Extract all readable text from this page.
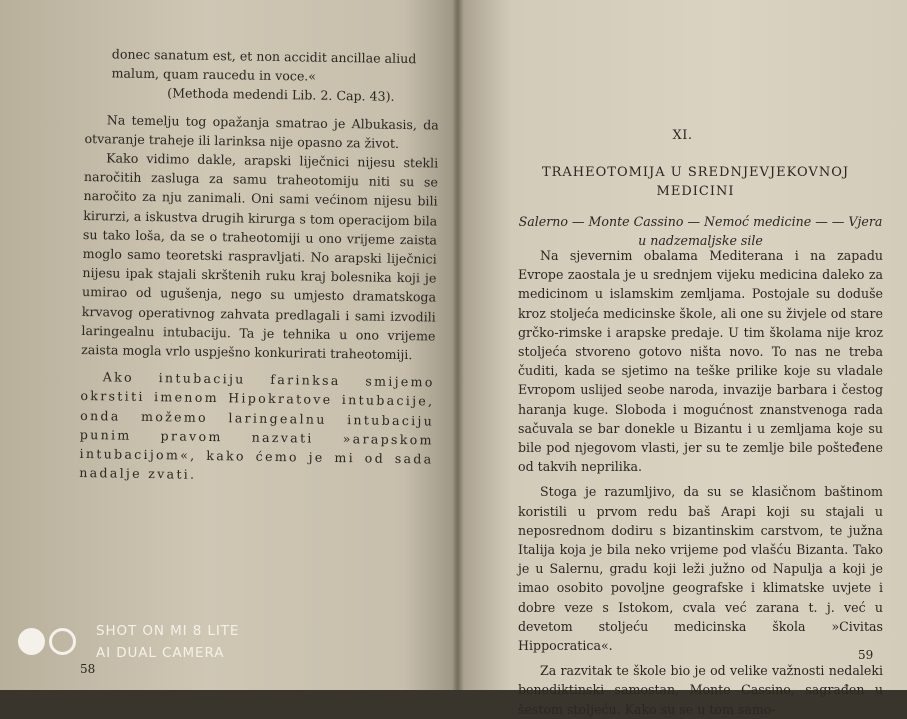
donec sanatum est, et non accidit ancillae aliud

malum, quam raucedu in voce.«

(Methoda medendi Lib. 2. Cap. 43).

Na temelju tog opažanja smatrao je Albukasis, da otvaranje traheje ili larinksa nije opasno za život.

Kako vidimo dakle, arapski liječnici nijesu stekli naročitih zasluga za samu traheotomiju niti su se naročito za nju zanimali. Oni sami većinom nijesu bili kirurzi, a iskustva drugih kirurga s tom operacijom bila su tako loša, da se o traheotomiji u ono vrijeme zaista moglo samo teoretski raspravljati. No arapski liječnici nijesu ipak stajali skrštenih ruku kraj bolesnika koji je umirao od ugušenja, nego su umjesto dramatskoga krvavog operativnog zahvata predlagali i sami izvodili laringealnu intubaciju. Ta je tehnika u ono vrijeme zaista mogla vrlo uspješno konkurirati traheotomiji.

Ako intubaciju farinksa smijemo okrstiti imenom Hipokratove intubacije, onda možemo laringealnu intubaciju punim pravom nazvati »arapskom intubacijom«, kako ćemo je mi od sada nadalje zvati.

XI.
TRAHEOTOMIJA U SREDNJEVJEKOVNOJ MEDICINI
Salerno — Monte Cassino — Nemoć medicine — — Vjera u nadzemaljske sile

Na sjevernim obalama Mediterana i na zapadu Evrope zaostala je u srednjem vijeku medicina daleko za medicinom u islamskim zemljama. Postojale su doduše kroz stoljeća medicinske škole, ali one su živjele od stare grčko-rimske i arapske predaje. U tim školama nije kroz stoljeća stvoreno gotovo ništa novo. To nas ne treba čuditi, kada se sjetimo na teške prilike koje su vladale Evropom uslijed seobe naroda, invazije barbara i čestog haranja kuge. Sloboda i mogućnost znanstvenoga rada sačuvala se bar donekle u Bizantu i u zemljama koje su bile pod njegovom vlasti, jer su te zemlje bile pošteđene od takvih neprilika.

Stoga je razumljivo, da su se klasičnom baštinom koristili u prvom redu baš Arapi koji su stajali u neposrednom dodiru s bizantinskim carstvom, te južna Italija koja je bila neko vrijeme pod vlašću Bizanta. Tako je u Salernu, gradu koji leži južno od Napulja a koji je imao osobito povoljne geografske i klimatske uvjete i dobre veze s Istokom, cvala već zarana t. j. već u devetom stoljeću medicinska škola »Civitas Hippocratica«.

Za razvitak te škole bio je od velike važnosti nedaleki benediktinski samostan, Monte Cassino, sagrađen u šestom stoljeću. Kako su se u tom samo-

58
59
SHOT ON MI 8 LITE
AI DUAL CAMERA
